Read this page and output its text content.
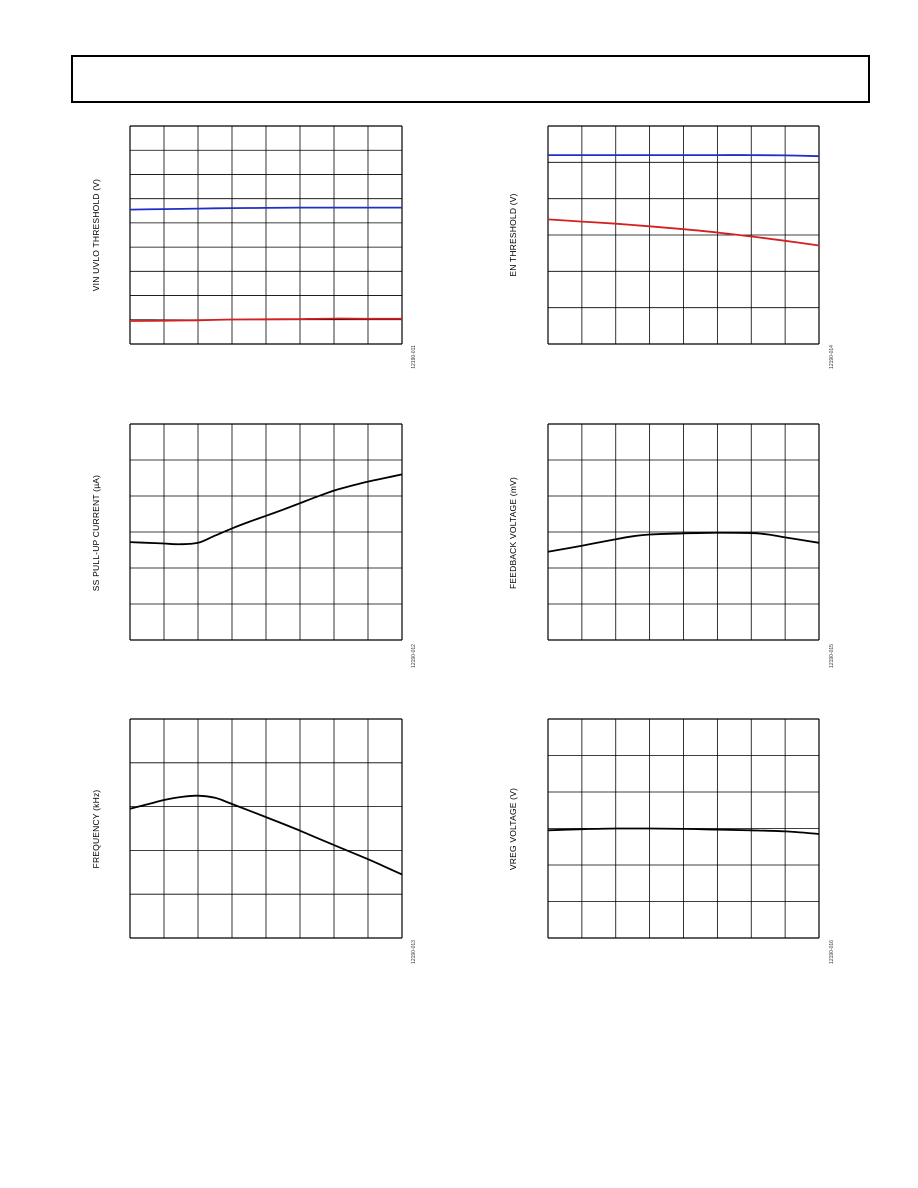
VIN UVLO THRESHOLD (V)
12190-011
EN THRESHOLD (V)
12190-014
SS PULL-UP CURRENT (µA)
12190-012
FEEDBACK VOLTAGE (mV)
12190-015
FREQUENCY (kHz)
12190-013
VREG VOLTAGE (V)
12190-016
